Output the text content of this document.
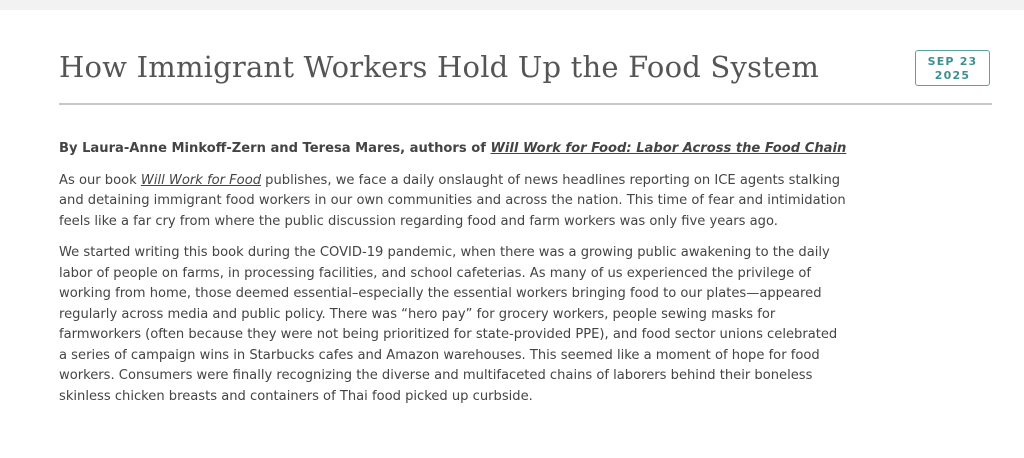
How Immigrant Workers Hold Up the Food System	SEP 23
2025

By Laura-Anne Minkoff-Zern and Teresa Mares, authors of Will Work for Food: Labor Across the Food Chain

As our book Will Work for Food publishes, we face a daily onslaught of news headlines reporting on ICE agents stalking and detaining immigrant food workers in our own communities and across the nation. This time of fear and intimidation feels like a far cry from where the public discussion regarding food and farm workers was only five years ago.

We started writing this book during the COVID-19 pandemic, when there was a growing public awakening to the daily labor of people on farms, in processing facilities, and school cafeterias. As many of us experienced the privilege of working from home, those deemed essential–especially the essential workers bringing food to our plates—appeared regularly across media and public policy. There was “hero pay” for grocery workers, people sewing masks for farmworkers (often because they were not being prioritized for state-provided PPE), and food sector unions celebrated a series of campaign wins in Starbucks cafes and Amazon warehouses. This seemed like a moment of hope for food workers. Consumers were finally recognizing the diverse and multifaceted chains of laborers behind their boneless skinless chicken breasts and containers of Thai food picked up curbside.
